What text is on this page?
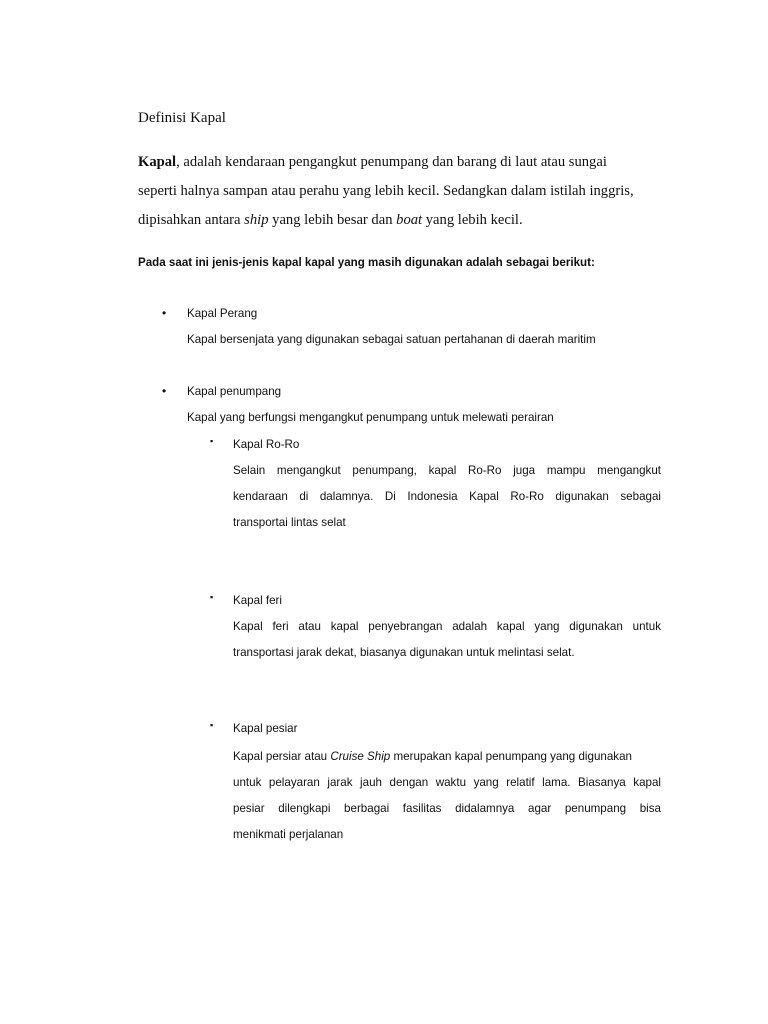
Definisi Kapal
Kapal, adalah kendaraan pengangkut penumpang dan barang di laut atau sungai
seperti halnya sampan atau perahu yang lebih kecil. Sedangkan dalam istilah inggris,
dipisahkan antara ship yang lebih besar dan boat yang lebih kecil.
Pada saat ini jenis-jenis kapal kapal yang masih digunakan adalah sebagai berikut:
• Kapal Perang
Kapal bersenjata yang digunakan sebagai satuan pertahanan di daerah maritim
• Kapal penumpang
Kapal yang berfungsi mengangkut penumpang untuk melewati perairan
▪ Kapal Ro-Ro
Selain mengangkut penumpang, kapal Ro-Ro juga mampu mengangkut
kendaraan di dalamnya. Di Indonesia Kapal Ro-Ro digunakan sebagai
transportai lintas selat
▪ Kapal feri
Kapal feri atau kapal penyebrangan adalah kapal yang digunakan untuk
transportasi jarak dekat, biasanya digunakan untuk melintasi selat.
▪ Kapal pesiar
Kapal persiar atau Cruise Ship merupakan kapal penumpang yang digunakan
untuk pelayaran jarak jauh dengan waktu yang relatif lama. Biasanya kapal
pesiar dilengkapi berbagai fasilitas didalamnya agar penumpang bisa
menikmati perjalanan
